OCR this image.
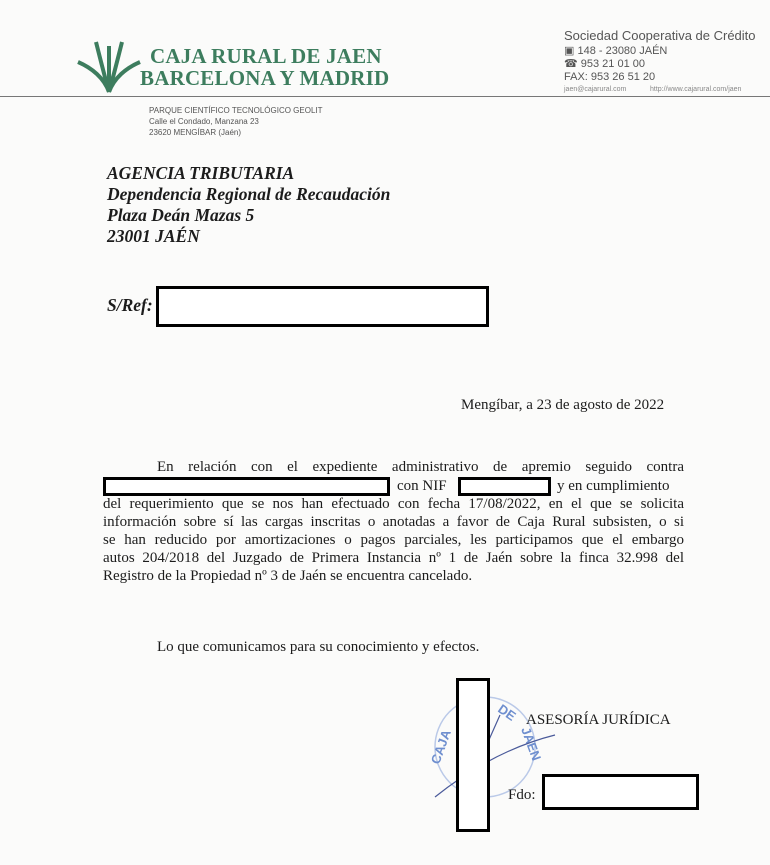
CAJA RURAL DE JAEN
BARCELONA Y MADRID
Sociedad Cooperativa de Crédito
▣ 148 - 23080 JAÉN
☎ 953 21 01 00
FAX: 953 26 51 20
jaen@cajarural.com	http://www.cajarural.com/jaen
PARQUE CIENTÍFICO TECNOLÓGICO GEOLIT
Calle el Condado, Manzana 23
23620 MENGÍBAR (Jaén)
AGENCIA TRIBUTARIA
Dependencia Regional de Recaudación
Plaza Deán Mazas 5
23001 JAÉN
S/Ref:
Mengíbar, a 23 de agosto de 2022
En relación con el expediente administrativo de apremio seguido contra
con NIF	y en cumplimiento
del requerimiento que se nos han efectuado con fecha 17/08/2022, en el que se solicita
información sobre sí las cargas inscritas o anotadas a favor de Caja Rural subsisten, o si
se han reducido por amortizaciones o pagos parciales, les participamos que el embargo
autos 204/2018 del Juzgado de Primera Instancia nº 1 de Jaén sobre la finca 32.998 del
Registro de la Propiedad nº 3 de Jaén se encuentra cancelado.
Lo que comunicamos para su conocimiento y efectos.
CAJA
DE
JAEN
ASESORÍA JURÍDICA
Fdo:
